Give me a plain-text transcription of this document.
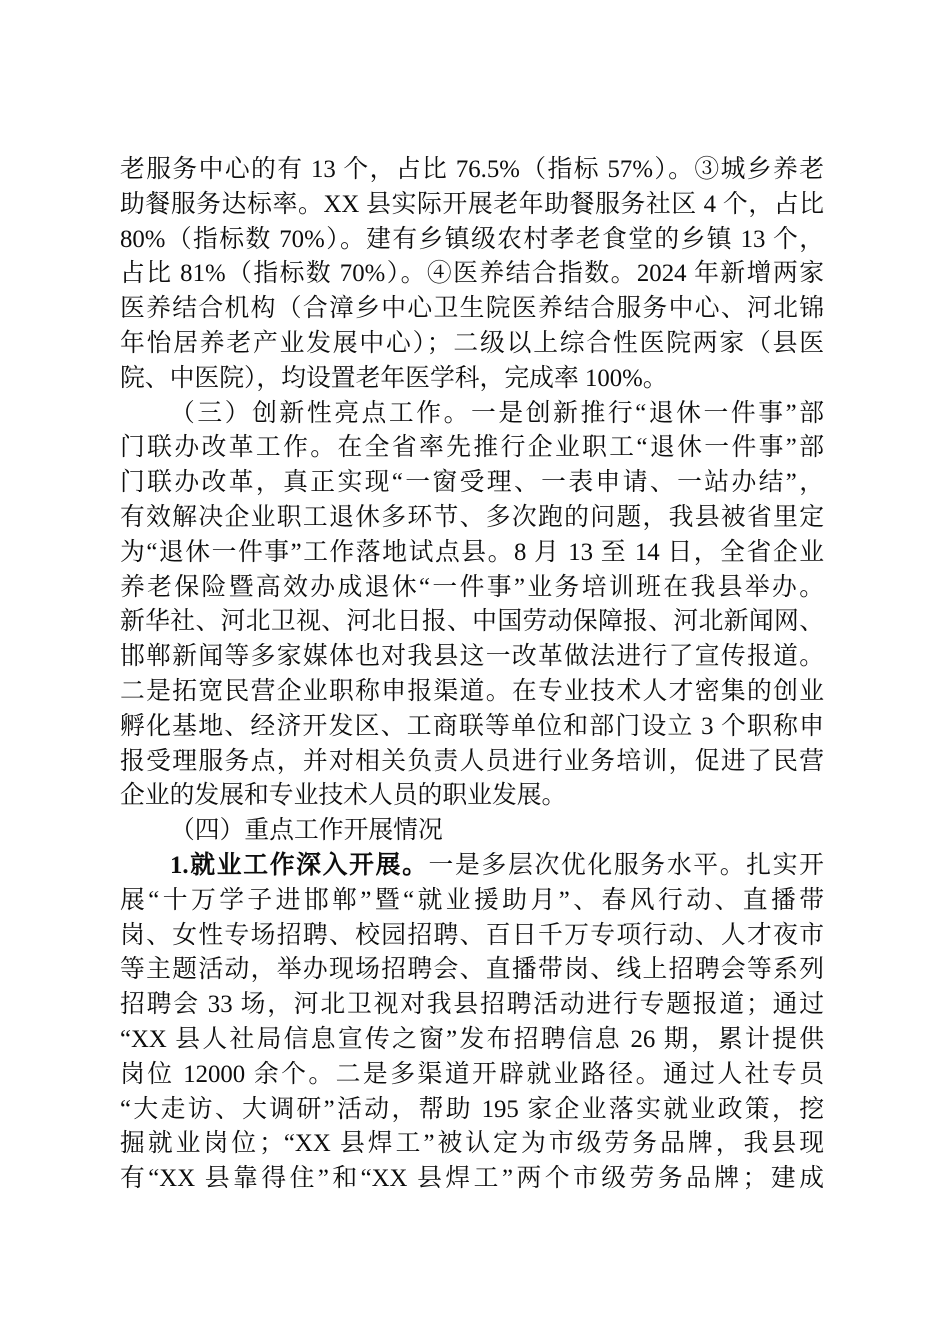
老服务中心的有 13 个，占比 76.5%（指标 57%）。③城乡养老
助餐服务达标率。XX 县实际开展老年助餐服务社区 4 个，占比
80%（指标数 70%）。建有乡镇级农村孝老食堂的乡镇 13 个，
占比 81%（指标数 70%）。④医养结合指数。2024 年新增两家
医养结合机构（合漳乡中心卫生院医养结合服务中心、河北锦
年怡居养老产业发展中心）；二级以上综合性医院两家（县医
院、中医院），均设置老年医学科，完成率 100%。
（三）创新性亮点工作。一是创新推行“退休一件事”部
门联办改革工作。在全省率先推行企业职工“退休一件事”部
门联办改革，真正实现“一窗受理、一表申请、一站办结”，
有效解决企业职工退休多环节、多次跑的问题，我县被省里定
为“退休一件事”工作落地试点县。8 月 13 至 14 日，全省企业
养老保险暨高效办成退休“一件事”业务培训班在我县举办。
新华社、河北卫视、河北日报、中国劳动保障报、河北新闻网、
邯郸新闻等多家媒体也对我县这一改革做法进行了宣传报道。
二是拓宽民营企业职称申报渠道。在专业技术人才密集的创业
孵化基地、经济开发区、工商联等单位和部门设立 3 个职称申
报受理服务点，并对相关负责人员进行业务培训，促进了民营
企业的发展和专业技术人员的职业发展。
（四）重点工作开展情况
1.就业工作深入开展。一是多层次优化服务水平。扎实开
展“十万学子进邯郸”暨“就业援助月”、春风行动、直播带
岗、女性专场招聘、校园招聘、百日千万专项行动、人才夜市
等主题活动，举办现场招聘会、直播带岗、线上招聘会等系列
招聘会 33 场，河北卫视对我县招聘活动进行专题报道；通过
“XX 县人社局信息宣传之窗”发布招聘信息 26 期，累计提供
岗位 12000 余个。二是多渠道开辟就业路径。通过人社专员
“大走访、大调研”活动，帮助 195 家企业落实就业政策，挖
掘就业岗位；“XX 县焊工”被认定为市级劳务品牌，我县现
有“XX 县靠得住”和“XX 县焊工”两个市级劳务品牌；建成
